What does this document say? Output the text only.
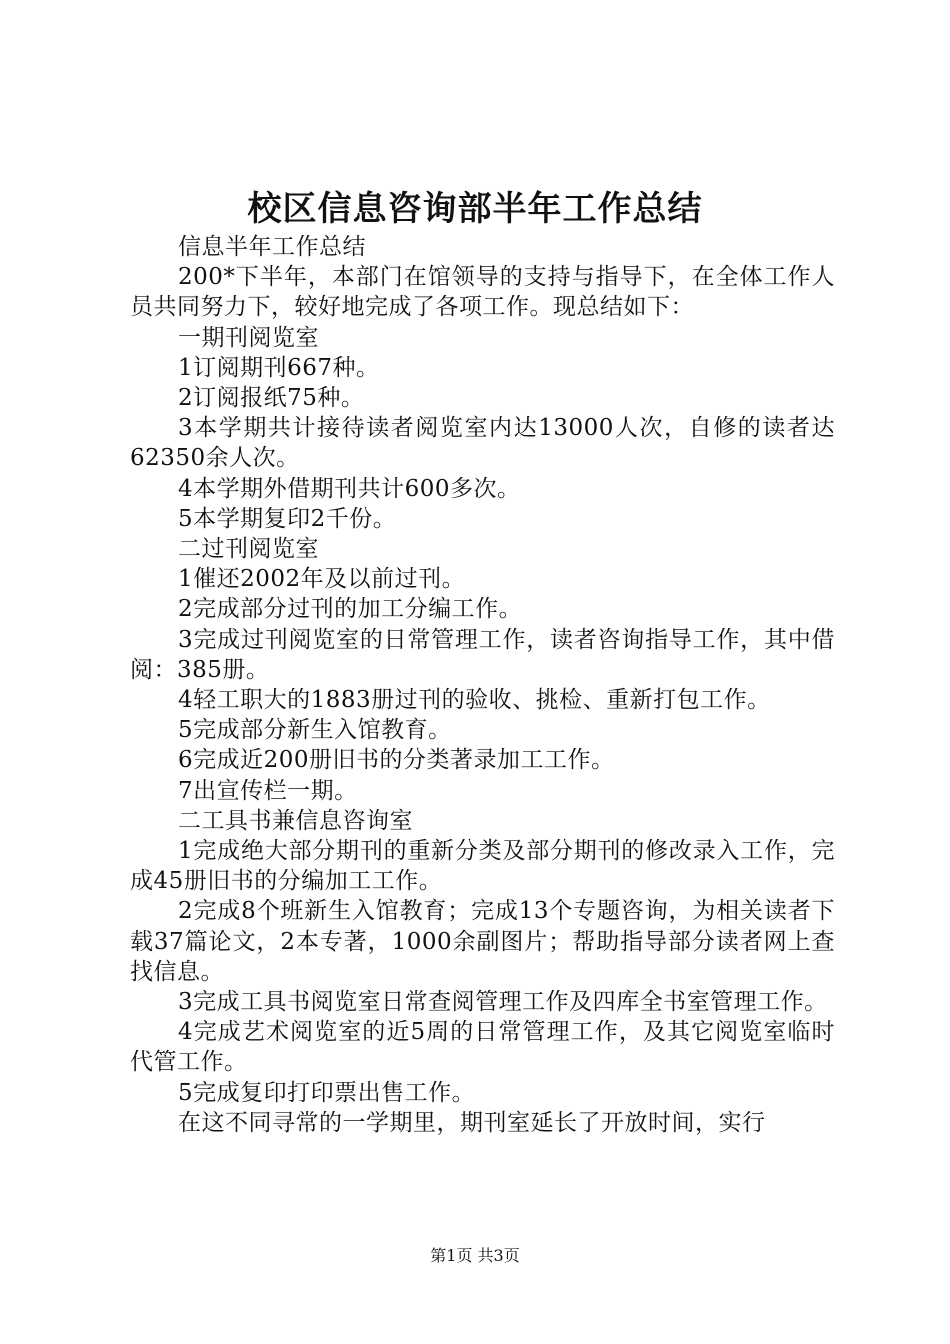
校区信息咨询部半年工作总结

信息半年工作总结

200*下半年，本部门在馆领导的支持与指导下，在全体工作人员共同努力下，较好地完成了各项工作。现总结如下：

一期刊阅览室

1订阅期刊667种。

2订阅报纸75种。

3本学期共计接待读者阅览室内达13000人次，自修的读者达62350余人次。

4本学期外借期刊共计600多次。

5本学期复印2千份。

二过刊阅览室

1催还2002年及以前过刊。

2完成部分过刊的加工分编工作。

3完成过刊阅览室的日常管理工作，读者咨询指导工作，其中借阅：385册。

4轻工职大的1883册过刊的验收、挑检、重新打包工作。

5完成部分新生入馆教育。

6完成近200册旧书的分类著录加工工作。

7出宣传栏一期。

二工具书兼信息咨询室

1完成绝大部分期刊的重新分类及部分期刊的修改录入工作，完成45册旧书的分编加工工作。

2完成8个班新生入馆教育；完成13个专题咨询，为相关读者下载37篇论文，2本专著，1000余副图片；帮助指导部分读者网上查找信息。

3完成工具书阅览室日常查阅管理工作及四库全书室管理工作。

4完成艺术阅览室的近5周的日常管理工作，及其它阅览室临时代管工作。

5完成复印打印票出售工作。

在这不同寻常的一学期里，期刊室延长了开放时间，实行

第1页 共3页
